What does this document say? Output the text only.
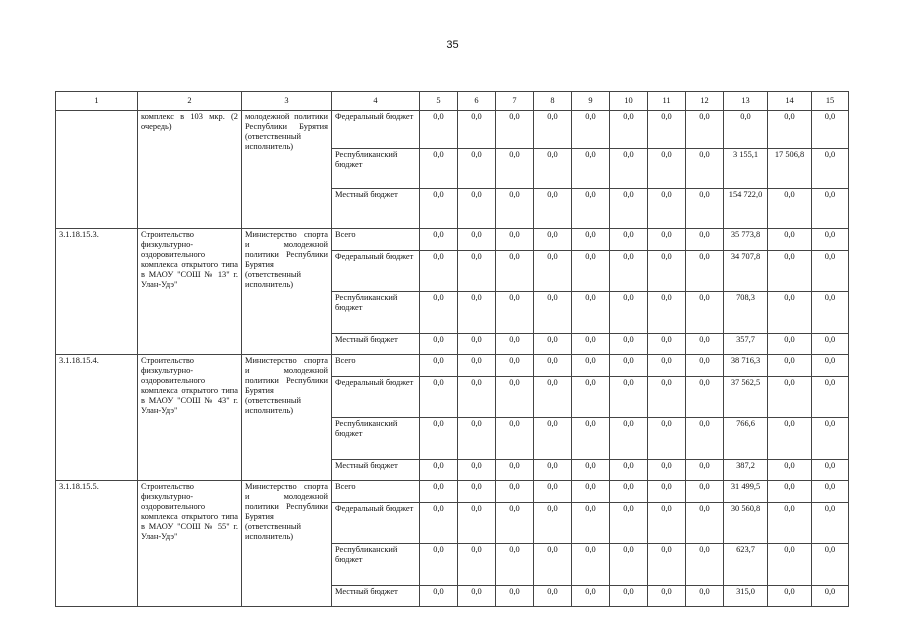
35
1	2	3	4	5	6	7	8	9	10	11	12	13	14	15
	комплекс в 103 мкр. (2 очередь)	молодежной политики Республики Бурятия (ответственный исполнитель)	Федеральный бюджет	0,0	0,0	0,0	0,0	0,0	0,0	0,0	0,0	0,0	0,0	0,0
			Республиканский бюджет	0,0	0,0	0,0	0,0	0,0	0,0	0,0	0,0	3 155,1	17 506,8	0,0
			Местный бюджет	0,0	0,0	0,0	0,0	0,0	0,0	0,0	0,0	154 722,0	0,0	0,0
3.1.18.15.3.	Строительство физкультурно-оздоровительного комплекса открытого типа в МАОУ "СОШ № 13" г. Улан-Удэ"	Министерство спорта и молодежной политики Республики Бурятия (ответственный исполнитель)	Всего	0,0	0,0	0,0	0,0	0,0	0,0	0,0	0,0	35 773,8	0,0	0,0
			Федеральный бюджет	0,0	0,0	0,0	0,0	0,0	0,0	0,0	0,0	34 707,8	0,0	0,0
			Республиканский бюджет	0,0	0,0	0,0	0,0	0,0	0,0	0,0	0,0	708,3	0,0	0,0
			Местный бюджет	0,0	0,0	0,0	0,0	0,0	0,0	0,0	0,0	357,7	0,0	0,0
3.1.18.15.4.	Строительство физкультурно-оздоровительного комплекса открытого типа в МАОУ "СОШ № 43" г. Улан-Удэ"	Министерство спорта и молодежной политики Республики Бурятия (ответственный исполнитель)	Всего	0,0	0,0	0,0	0,0	0,0	0,0	0,0	0,0	38 716,3	0,0	0,0
			Федеральный бюджет	0,0	0,0	0,0	0,0	0,0	0,0	0,0	0,0	37 562,5	0,0	0,0
			Республиканский бюджет	0,0	0,0	0,0	0,0	0,0	0,0	0,0	0,0	766,6	0,0	0,0
			Местный бюджет	0,0	0,0	0,0	0,0	0,0	0,0	0,0	0,0	387,2	0,0	0,0
3.1.18.15.5.	Строительство физкультурно-оздоровительного комплекса открытого типа в МАОУ "СОШ № 55" г. Улан-Удэ"	Министерство спорта и молодежной политики Республики Бурятия (ответственный исполнитель)	Всего	0,0	0,0	0,0	0,0	0,0	0,0	0,0	0,0	31 499,5	0,0	0,0
			Федеральный бюджет	0,0	0,0	0,0	0,0	0,0	0,0	0,0	0,0	30 560,8	0,0	0,0
			Республиканский бюджет	0,0	0,0	0,0	0,0	0,0	0,0	0,0	0,0	623,7	0,0	0,0
			Местный бюджет	0,0	0,0	0,0	0,0	0,0	0,0	0,0	0,0	315,0	0,0	0,0
